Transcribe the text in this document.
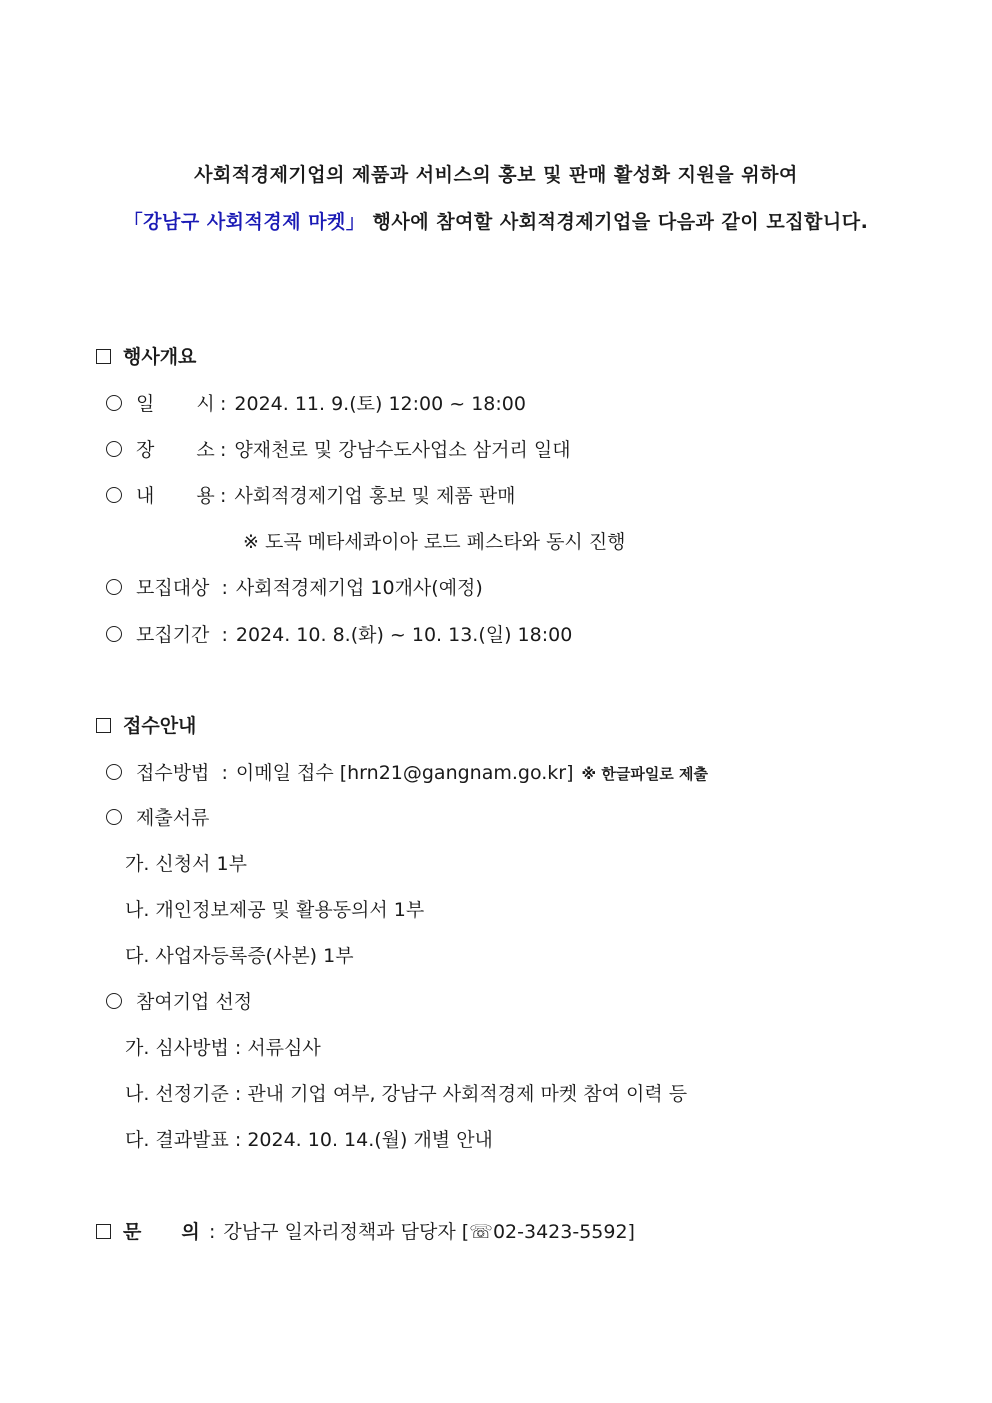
사회적경제기업의 제품과 서비스의 홍보 및 판매 활성화 지원을 위하여
「강남구 사회적경제 마켓」 행사에 참여할 사회적경제기업을 다음과 같이 모집합니다.
행사개요
일 시 : 2024. 11. 9.(토) 12:00 ~ 18:00
장 소 : 양재천로 및 강남수도사업소 삼거리 일대
내 용 : 사회적경제기업 홍보 및 제품 판매
※ 도곡 메타세콰이아 로드 페스타와 동시 진행
모집대상 : 사회적경제기업 10개사(예정)
모집기간 : 2024. 10. 8.(화) ~ 10. 13.(일) 18:00
접수안내
접수방법 : 이메일 접수 [hrn21@gangnam.go.kr] ※ 한글파일로 제출
제출서류
가. 신청서 1부
나. 개인정보제공 및 활용동의서 1부
다. 사업자등록증(사본) 1부
참여기업 선정
가. 심사방법 : 서류심사
나. 선정기준 : 관내 기업 여부, 강남구 사회적경제 마켓 참여 이력 등
다. 결과발표 : 2024. 10. 14.(월) 개별 안내
문 의 : 강남구 일자리정책과 담당자 [☏02-3423-5592]
